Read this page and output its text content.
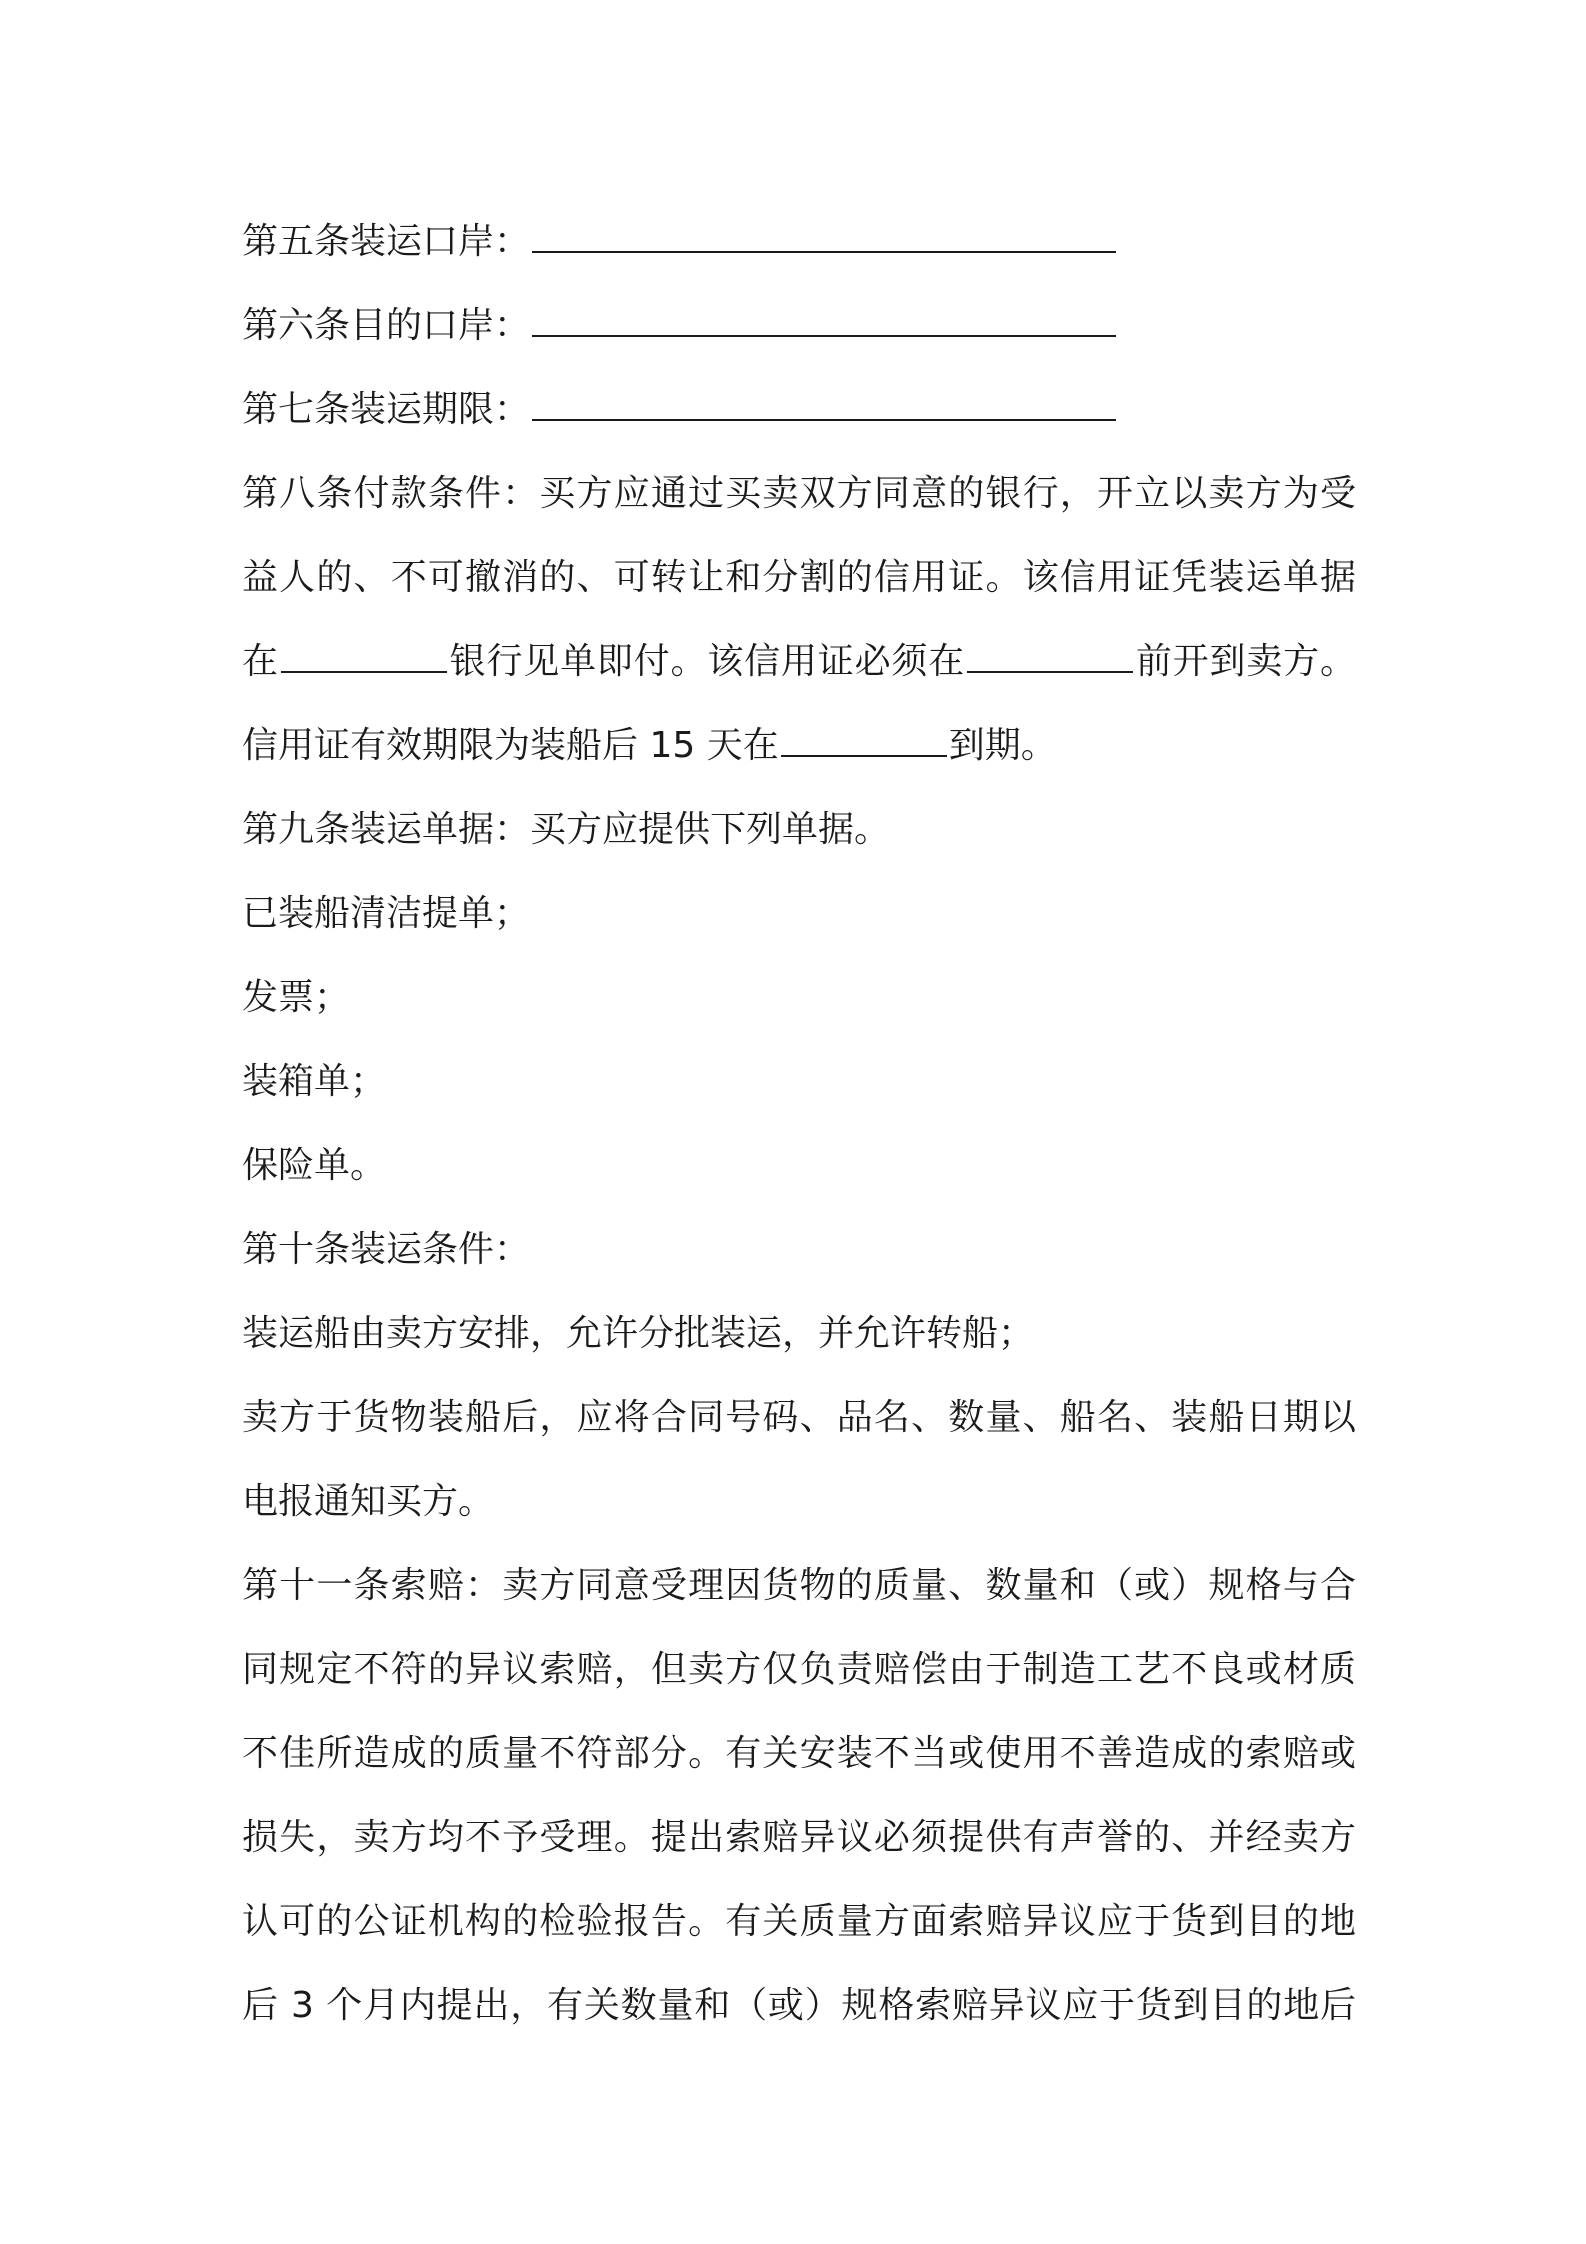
第五条装运口岸：
第六条目的口岸：
第七条装运期限：
第八条付款条件：买方应通过买卖双方同意的银行，开立以卖方为受
益人的、不可撤消的、可转让和分割的信用证。该信用证凭装运单据
在	银行见单即付。该信用证必须在	前开到卖方。
信用证有效期限为装船后 15 天在	到期。
第九条装运单据：买方应提供下列单据。
已装船清洁提单；
发票；
装箱单；
保险单。
第十条装运条件：
装运船由卖方安排，允许分批装运，并允许转船；
卖方于货物装船后，应将合同号码、品名、数量、船名、装船日期以
电报通知买方。
第十一条索赔：卖方同意受理因货物的质量、数量和（或）规格与合
同规定不符的异议索赔，但卖方仅负责赔偿由于制造工艺不良或材质
不佳所造成的质量不符部分。有关安装不当或使用不善造成的索赔或
损失，卖方均不予受理。提出索赔异议必须提供有声誉的、并经卖方
认可的公证机构的检验报告。有关质量方面索赔异议应于货到目的地
后 3 个月内提出，有关数量和（或）规格索赔异议应于货到目的地后
